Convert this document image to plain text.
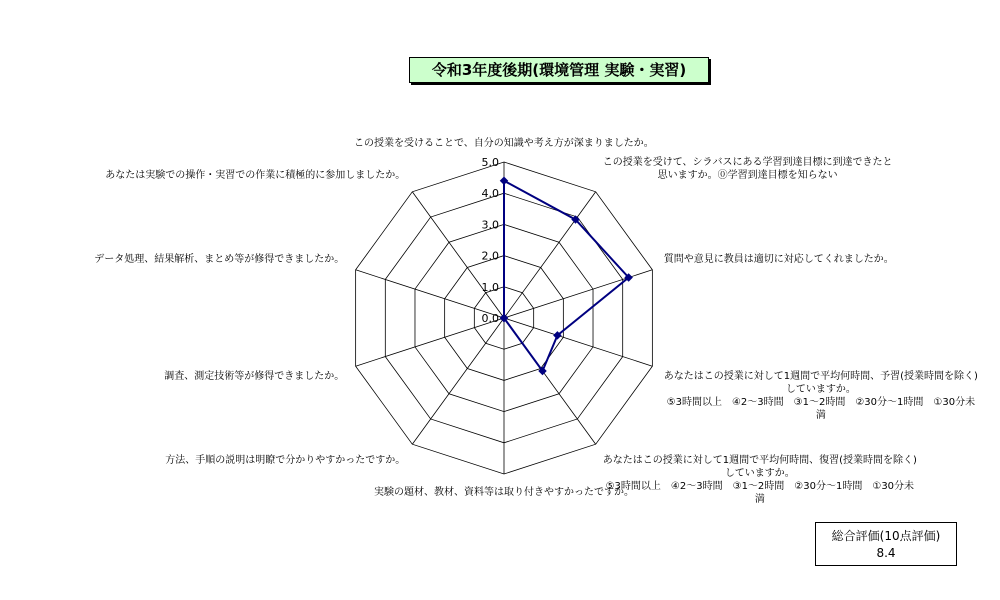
令和3年度後期(環境管理 実験・実習)
0.0
1.0
2.0
3.0
4.0
5.0
この授業を受けることで、自分の知識や考え方が深まりましたか。
この授業を受けて、シラバスにある学習到達目標に到達できたと
思いますか。⓪学習到達目標を知らない
質問や意見に教員は適切に対応してくれましたか。
あなたはこの授業に対して1週間で平均何時間、予習(授業時間を除く)
していますか。
⑤3時間以上　④2～3時間　③1～2時間　②30分～1時間　①30分未
満
あなたはこの授業に対して1週間で平均何時間、復習(授業時間を除く)
していますか。
⑤3時間以上　④2～3時間　③1～2時間　②30分～1時間　①30分未
満
実験の題材、教材、資料等は取り付きやすかったですか。
方法、手順の説明は明瞭で分かりやすかったですか。
調査、測定技術等が修得できましたか。
データ処理、結果解析、まとめ等が修得できましたか。
あなたは実験での操作・実習での作業に積極的に参加しましたか。
総合評価(10点評価)
8.4
